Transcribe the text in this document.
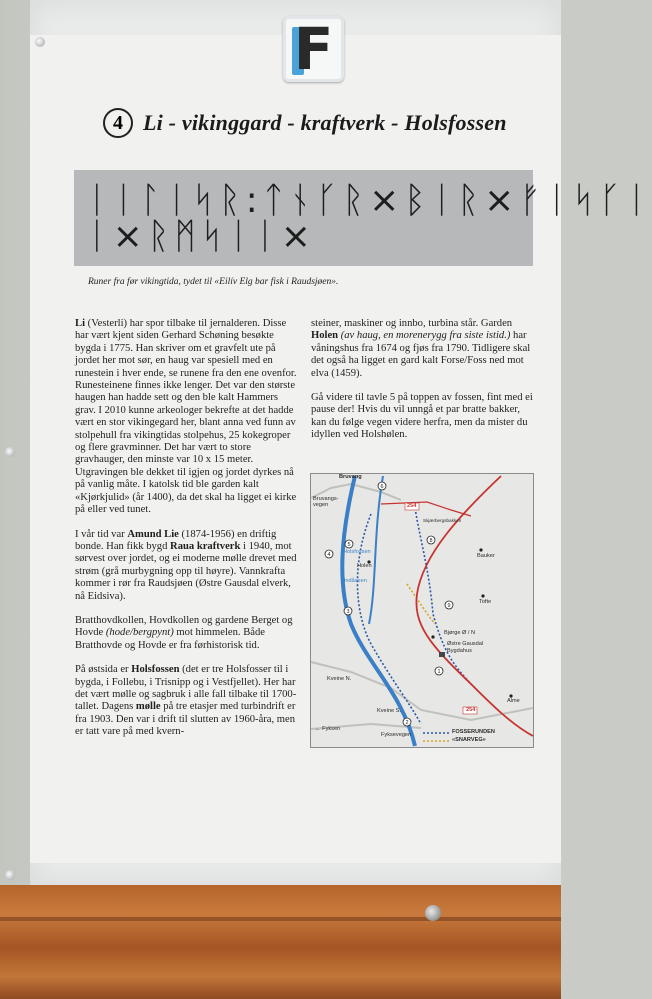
F
4 Li - vikinggard - kraftverk - Holsfossen
ᛁᛁᛚᛁᛋᚱ:ᛏᚾᚴᚱ×ᛒᛁᚱ×ᚠᛁᛋᚴᛁ
ᛁ×ᚱᛗᛋᛁᛁ×
Runer fra før vikingtida, tydet til «Eilív Elg bar fisk i Raudsjøen».

Li (Vesterli) har spor tilbake til jernalderen. Disse har vært kjent siden Gerhard Schøning besøkte bygda i 1775. Han skriver om et gravfelt ute på jordet her mot sør, en haug var spesiell med en runestein i hver ende, se runene fra den ene ovenfor. Runesteinene finnes ikke lenger. Det var den største haugen han hadde sett og den ble kalt Hammers grav. I 2010 kunne arkeologer bekrefte at det hadde vært en stor vikingegard her, blant anna ved funn av stolpehull fra vikingtidas stolpehus, 25 kokegroper og flere gravminner. Det har vært to store gravhauger, den minste var 10 x 15 meter. Utgravingen ble dekket til igjen og jordet dyrkes nå på vanlig måte. I katolsk tid ble garden kalt «Kjørkjulid» (år 1400), da det skal ha ligget ei kirke på eller ved tunet.

I vår tid var Amund Lie (1874-1956) en driftig bonde. Han fikk bygd Raua kraftverk i 1940, mot sørvest over jordet, og ei moderne mølle drevet med strøm (grå murbygning opp til høyre). Vannkrafta kommer i rør fra Raudsjøen (Østre Gausdal elverk, nå Eidsiva).

Bratthovdkollen, Hovdkollen og gardene Berget og Hovde (hode/bergpynt) mot himmelen. Både Bratthovde og Hovde er fra førhistorisk tid.

På østsida er Holsfossen (det er tre Holsfosser til i bygda, i Follebu, i Trisnipp og i Vestfjellet). Her har det vært mølle og sagbruk i alle fall tilbake til 1700-tallet. Dagens mølle på tre etasjer med turbindrift er fra 1903. Den var i drift til slutten av 1960-åra, men er tatt vare på med kvern-

steiner, maskiner og innbo, turbina står. Garden Holen (av haug, en morenerygg fra siste istid.) har våningshus fra 1674 og fjøs fra 1790. Tidligere skal det også ha ligget en gard kalt Forse/Foss ned mot elva (1459).

Gå videre til tavle 5 på toppen av fossen, fint med ei pause der! Hvis du vil unngå et par bratte bakker, kan du følge vegen videre herfra, men da mister du idyllen ved Holshølen.

6
8
5
4
9
3
1
2
Bruvang
Bruvangs-vegen
Skjærbergsbakken
254
Holsfossen
Holen
Lindåseen
Bauker
Tofte
Bjørge Ø / N
Østre Gausdal
Bygdahus
Kveine N.
Kveine S.
Alme
254
← Fyksen
Fyksevegen	FOSSERUNDEN
«SNARVEG»
